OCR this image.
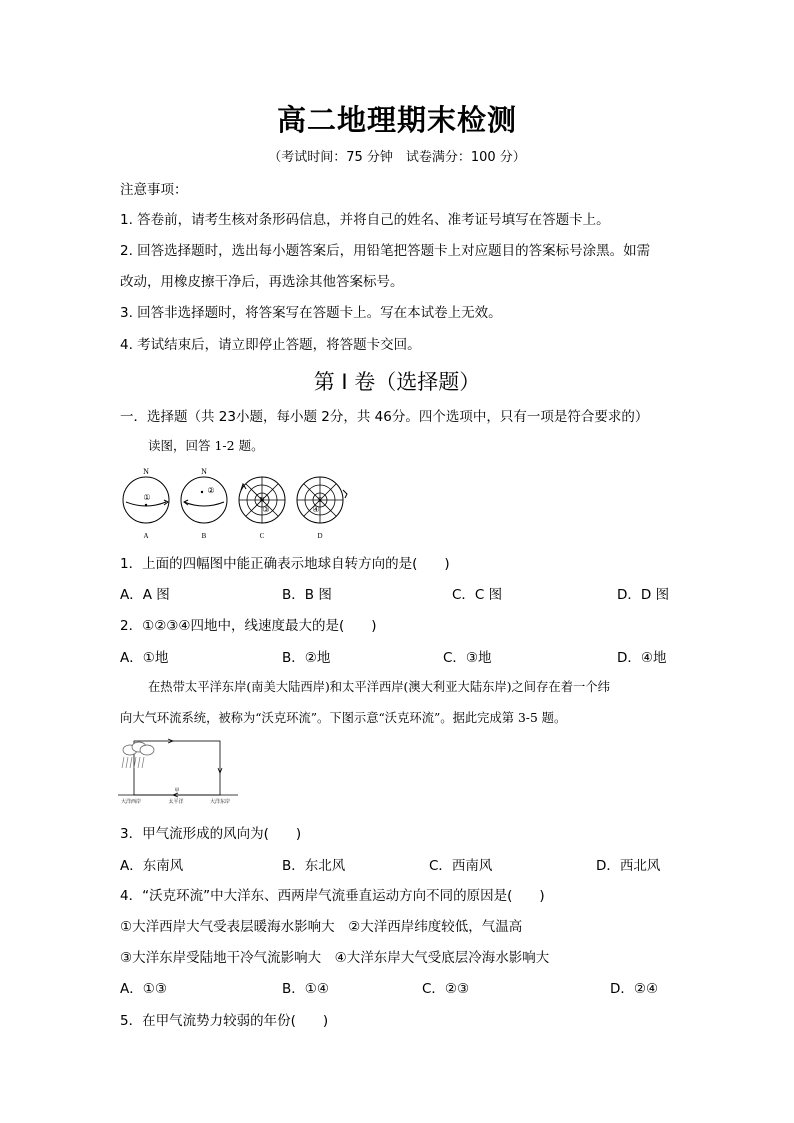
高二地理期末检测
（考试时间：75 分钟　试卷满分：100 分）
注意事项：
1. 答卷前，请考生核对条形码信息，并将自己的姓名、准考证号填写在答题卡上。
2. 回答选择题时，选出每小题答案后，用铅笔把答题卡上对应题目的答案标号涂黑。如需
改动，用橡皮擦干净后，再选涂其他答案标号。
3. 回答非选择题时，将答案写在答题卡上。写在本试卷上无效。
4. 考试结束后，请立即停止答题，将答题卡交回。
第 I 卷（选择题）
一．选择题（共 23小题，每小题 2分，共 46分。四个选项中，只有一项是符合要求的）
读图，回答 1-2 题。
N
①
A
N
②
B
N
③
C
S
④
D
1．上面的四幅图中能正确表示地球自转方向的是(　　)
A．A 图	B．B 图	C．C 图	D．D 图
2．①②③④四地中，线速度最大的是(　　)
A．①地	B．②地	C．③地	D．④地
在热带太平洋东岸(南美大陆西岸)和太平洋西岸(澳大利亚大陆东岸)之间存在着一个纬
向大气环流系统，被称为“沃克环流”。下图示意“沃克环流”。据此完成第 3-5 题。
甲
大洋西岸	太平洋	大洋东岸
3．甲气流形成的风向为(　　)
A．东南风	B．东北风	C．西南风	D．西北风
4．“沃克环流”中大洋东、西两岸气流垂直运动方向不同的原因是(　　)
①大洋西岸大气受表层暖海水影响大　②大洋西岸纬度较低，气温高
③大洋东岸受陆地干冷气流影响大　④大洋东岸大气受底层冷海水影响大
A．①③	B．①④	C．②③	D．②④
5．在甲气流势力较弱的年份(　　)
